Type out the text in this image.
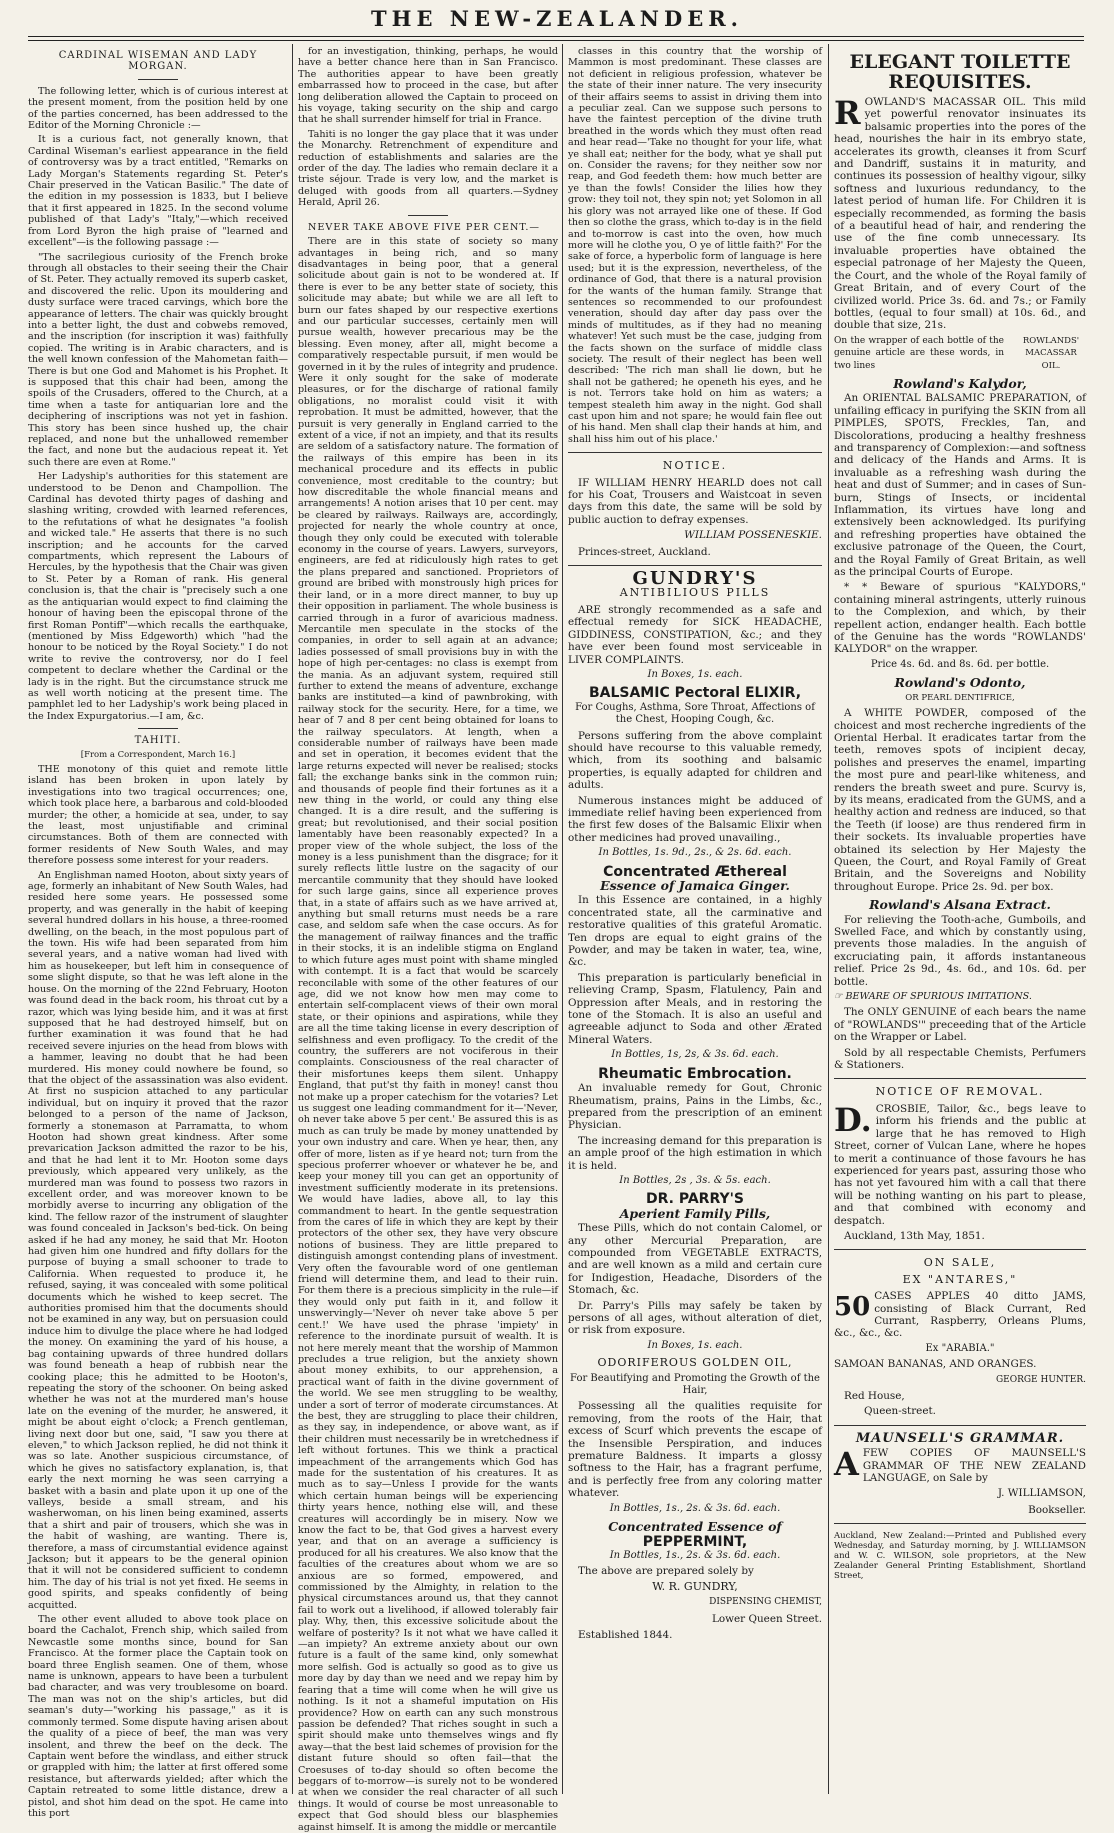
THE NEW-ZEALANDER.

CARDINAL WISEMAN AND LADY MORGAN.

The following letter, which is of curious interest at the present moment, from the position held by one of the parties concerned, has been addressed to the Editor of the Morning Chronicle :—

It is a curious fact, not generally known, that Cardinal Wiseman's earliest appearance in the field of controversy was by a tract entitled, "Remarks on Lady Morgan's Statements regarding St. Peter's Chair preserved in the Vatican Basilic." The date of the edition in my possession is 1833, but I believe that it first appeared in 1825. In the second volume published of that Lady's "Italy,"—which received from Lord Byron the high praise of "learned and excellent"—is the following passage :—

"The sacrilegious curiosity of the French broke through all obstacles to their seeing their the Chair of St. Peter. They actually removed its superb casket, and discovered the relic. Upon its mouldering and dusty surface were traced carvings, which bore the appearance of letters. The chair was quickly brought into a better light, the dust and cobwebs removed, and the inscription (for inscription it was) faithfully copied. The writing is in Arabic characters, and is the well known confession of the Mahometan faith—There is but one God and Mahomet is his Prophet. It is supposed that this chair had been, among the spoils of the Crusaders, offered to the Church, at a time when a taste for antiquarian lore and the deciphering of inscriptions was not yet in fashion. This story has been since hushed up, the chair replaced, and none but the unhallowed remember the fact, and none but the audacious repeat it. Yet such there are even at Rome."

Her Ladyship's authorities for this statement are understood to be Denon and Champollion. The Cardinal has devoted thirty pages of dashing and slashing writing, crowded with learned references, to the refutations of what he designates "a foolish and wicked tale." He asserts that there is no such inscription; and he accounts for the carved compartments, which represent the Labours of Hercules, by the hypothesis that the Chair was given to St. Peter by a Roman of rank. His general conclusion is, that the chair is "precisely such a one as the antiquarian would expect to find claiming the honour of having been the episcopal throne of the first Roman Pontiff"—which recalls the earthquake, (mentioned by Miss Edgeworth) which "had the honour to be noticed by the Royal Society." I do not write to revive the controversy, nor do I feel competent to declare whether the Cardinal or the lady is in the right. But the circumstance struck me as well worth noticing at the present time. The pamphlet led to her Ladyship's work being placed in the Index Expurgatorius.—I am, &c.

TAHITI.

[From a Correspondent, March 16.]

THE monotony of this quiet and remote little island has been broken in upon lately by investigations into two tragical occurrences; one, which took place here, a barbarous and cold-blooded murder; the other, a homicide at sea, under, to say the least, most unjustifiable and criminal circumstances. Both of them are connected with former residents of New South Wales, and may therefore possess some interest for your readers.

An Englishman named Hooton, about sixty years of age, formerly an inhabitant of New South Wales, had resided here some years. He possessed some property, and was generally in the habit of keeping several hundred dollars in his house, a three-roomed dwelling, on the beach, in the most populous part of the town. His wife had been separated from him several years, and a native woman had lived with him as housekeeper, but left him in consequence of some slight dispute, so that he was left alone in the house. On the morning of the 22nd February, Hooton was found dead in the back room, his throat cut by a razor, which was lying beside him, and it was at first supposed that he had destroyed himself, but on further examination it was found that he had received severe injuries on the head from blows with a hammer, leaving no doubt that he had been murdered. His money could nowhere be found, so that the object of the assassination was also evident. At first no suspicion attached to any particular individual, but on inquiry it proved that the razor belonged to a person of the name of Jackson, formerly a stonemason at Parramatta, to whom Hooton had shown great kindness. After some prevarication Jackson admitted the razor to be his, and that he had lent it to Mr. Hooton some days previously, which appeared very unlikely, as the murdered man was found to possess two razors in excellent order, and was moreover known to be morbidly averse to incurring any obligation of the kind. The fellow razor of the instrument of slaughter was found concealed in Jackson's bed-tick. On being asked if he had any money, he said that Mr. Hooton had given him one hundred and fifty dollars for the purpose of buying a small schooner to trade to California. When requested to produce it, he refused, saying, it was concealed with some political documents which he wished to keep secret. The authorities promised him that the documents should not be examined in any way, but on persuasion could induce him to divulge the place where he had lodged the money. On examining the yard of his house, a bag containing upwards of three hundred dollars was found beneath a heap of rubbish near the cooking place; this he admitted to be Hooton's, repeating the story of the schooner. On being asked whether he was not at the murdered man's house late on the evening of the murder, he answered, it might be about eight o'clock; a French gentleman, living next door but one, said, "I saw you there at eleven," to which Jackson replied, he did not think it was so late. Another suspicious circumstance, of which he gives no satisfactory explanation, is, that early the next morning he was seen carrying a basket with a basin and plate upon it up one of the valleys, beside a small stream, and his washerwoman, on his linen being examined, asserts that a shirt and pair of trousers, which she was in the habit of washing, are wanting. There is, therefore, a mass of circumstantial evidence against Jackson; but it appears to be the general opinion that it will not be considered sufficient to condemn him. The day of his trial is not yet fixed. He seems in good spirits, and speaks confidently of being acquitted.

The other event alluded to above took place on board the Cachalot, French ship, which sailed from Newcastle some months since, bound for San Francisco. At the former place the Captain took on board three English seamen. One of them, whose name is unknown, appears to have been a turbulent bad character, and was very troublesome on board. The man was not on the ship's articles, but did seaman's duty—"working his passage," as it is commonly termed. Some dispute having arisen about the quality of a piece of beef, the man was very insolent, and threw the beef on the deck. The Captain went before the windlass, and either struck or grappled with him; the latter at first offered some resistance, but afterwards yielded; after which the Captain retreated to some little distance, drew a pistol, and shot him dead on the spot. He came into this port

for an investigation, thinking, perhaps, he would have a better chance here than in San Francisco. The authorities appear to have been greatly embarrassed how to proceed in the case, but after long deliberation allowed the Captain to proceed on his voyage, taking security on the ship and cargo that he shall surrender himself for trial in France.

Tahiti is no longer the gay place that it was under the Monarchy. Retrenchment of expenditure and reduction of establishments and salaries are the order of the day. The ladies who remain declare it a triste séjour. Trade is very low, and the market is deluged with goods from all quarters.—Sydney Herald, April 26.

NEVER TAKE ABOVE FIVE PER CENT.—

There are in this state of society so many advantages in being rich, and so many disadvantages in being poor, that a general solicitude about gain is not to be wondered at. If there is ever to be any better state of society, this solicitude may abate; but while we are all left to burn our fates shaped by our respective exertions and our particular successes, certainly men will pursue wealth, however precarious may be the blessing. Even money, after all, might become a comparatively respectable pursuit, if men would be governed in it by the rules of integrity and prudence. Were it only sought for the sake of moderate pleasures, or for the discharge of rational family obligations, no moralist could visit it with reprobation. It must be admitted, however, that the pursuit is very generally in England carried to the extent of a vice, if not an impiety, and that its results are seldom of a satisfactory nature. The formation of the railways of this empire has been in its mechanical procedure and its effects in public convenience, most creditable to the country; but how discreditable the whole financial means and arrangements! A notion arises that 10 per cent. may be cleared by railways. Railways are, accordingly, projected for nearly the whole country at once, though they only could be executed with tolerable economy in the course of years. Lawyers, surveyors, engineers, are fed at ridiculously high rates to get the plans prepared and sanctioned. Proprietors of ground are bribed with monstrously high prices for their land, or in a more direct manner, to buy up their opposition in parliament. The whole business is carried through in a furor of avaricious madness. Mercantile men speculate in the stocks of the companies, in order to sell again at an advance; ladies possessed of small provisions buy in with the hope of high per-centages: no class is exempt from the mania. As an adjuvant system, required still further to extend the means of adventure, exchange banks are instituted—a kind of pawnbroking, with railway stock for the security. Here, for a time, we hear of 7 and 8 per cent being obtained for loans to the railway speculators. At length, when a considerable number of railways have been made and set in operation, it becomes evident that the large returns expected will never be realised; stocks fall; the exchange banks sink in the common ruin; and thousands of people find their fortunes as it a new thing in the world, or could any thing else changed. It is a dire result, and the suffering is great; but revolutionised, and their social position lamentably have been reasonably expected? In a proper view of the whole subject, the loss of the money is a less punishment than the disgrace; for it surely reflects little lustre on the sagacity of our mercantile community that they should have looked for such large gains, since all experience proves that, in a state of affairs such as we have arrived at, anything but small returns must needs be a rare case, and seldom safe when the case occurs. As for the management of railway finances and the traffic in their stocks, it is an indelible stigma on England to which future ages must point with shame mingled with contempt. It is a fact that would be scarcely reconcilable with some of the other features of our age, did we not know how men may come to entertain self-complacent views of their own moral state, or their opinions and aspirations, while they are all the time taking license in every description of selfishness and even profligacy. To the credit of the country, the sufferers are not vociferous in their complaints. Consciousness of the real character of their misfortunes keeps them silent. Unhappy England, that put'st thy faith in money! canst thou not make up a proper catechism for the votaries? Let us suggest one leading commandment for it—'Never, oh never take above 5 per cent.' Be assured this is as much as can truly be made by money unattended by your own industry and care. When ye hear, then, any offer of more, listen as if ye heard not; turn from the specious proferrer whoever or whatever he be, and keep your money till you can get an opportunity of investment sufficiently moderate in its pretensions. We would have ladies, above all, to lay this commandment to heart. In the gentle sequestration from the cares of life in which they are kept by their protectors of the other sex, they have very obscure notions of business. They are little prepared to distinguish amongst contending plans of investment. Very often the favourable word of one gentleman friend will determine them, and lead to their ruin. For them there is a precious simplicity in the rule—if they would only put faith in it, and follow it unswervingly—'Never oh never take above 5 per cent.!' We have used the phrase 'impiety' in reference to the inordinate pursuit of wealth. It is not here merely meant that the worship of Mammon precludes a true religion, but the anxiety shown about money exhibits, to our apprehension, a practical want of faith in the divine government of the world. We see men struggling to be wealthy, under a sort of terror of moderate circumstances. At the best, they are struggling to place their children, as they say, in independence, or above want, as if their children must necessarily be in wretchedness if left without fortunes. This we think a practical impeachment of the arrangements which God has made for the sustentation of his creatures. It as much as to say—Unless I provide for the wants which certain human beings will be experiencing thirty years hence, nothing else will, and these creatures will accordingly be in misery. Now we know the fact to be, that God gives a harvest every year, and that on an average a sufficiency is produced for all his creatures. We also know that the faculties of the creatures about whom we are so anxious are so formed, empowered, and commissioned by the Almighty, in relation to the physical circumstances around us, that they cannot fail to work out a livelihood, if allowed tolerably fair play. Why, then, this excessive solicitude about the welfare of posterity? Is it not what we have called it—an impiety? An extreme anxiety about our own future is a fault of the same kind, only somewhat more selfish. God is actually so good as to give us more day by day than we need and we repay him by fearing that a time will come when he will give us nothing. Is it not a shameful imputation on His providence? How on earth can any such monstrous passion be defended? That riches sought in such a spirit should make unto themselves wings and fly away—that the best laid schemes of provision for the distant future should so often fail—that the Croesuses of to-day should so often become the beggars of to-morrow—is surely not to be wondered at when we consider the real character of all such things. It would of course be most unreasonable to expect that God should bless our blasphemies against himself. It is among the middle or mercantile

classes in this country that the worship of Mammon is most predominant. These classes are not deficient in religious profession, whatever be the state of their inner nature. The very insecurity of their affairs seems to assist in driving them into a peculiar zeal. Can we suppose such persons to have the faintest perception of the divine truth breathed in the words which they must often read and hear read—'Take no thought for your life, what ye shall eat; neither for the body, what ye shall put on. Consider the ravens; for they neither sow nor reap, and God feedeth them: how much better are ye than the fowls! Consider the lilies how they grow: they toil not, they spin not; yet Solomon in all his glory was not arrayed like one of these. If God then so clothe the grass, which to-day is in the field and to-morrow is cast into the oven, how much more will he clothe you, O ye of little faith?' For the sake of force, a hyperbolic form of language is here used; but it is the expression, nevertheless, of the ordinance of God, that there is a natural provision for the wants of the human family. Strange that sentences so recommended to our profoundest veneration, should day after day pass over the minds of multitudes, as if they had no meaning whatever! Yet such must be the case, judging from the facts shown on the surface of middle class society. The result of their neglect has been well described: 'The rich man shall lie down, but he shall not be gathered; he openeth his eyes, and he is not. Terrors take hold on him as waters; a tempest stealeth him away in the night. God shall cast upon him and not spare; he would fain flee out of his hand. Men shall clap their hands at him, and shall hiss him out of his place.'

NOTICE.

IF WILLIAM HENRY HEARLD does not call for his Coat, Trousers and Waistcoat in seven days from this date, the same will be sold by public auction to defray expenses.

WILLIAM POSSENESKIE.

Princes-street, Auckland.

GUNDRY'S
ANTIBILIOUS PILLS

ARE strongly recommended as a safe and effectual remedy for SICK HEADACHE, GIDDINESS, CONSTIPATION, &c.; and they have ever been found most serviceable in LIVER COMPLAINTS.

In Boxes, 1s. each.
BALSAMIC Pectoral ELIXIR,
For Coughs, Asthma, Sore Throat, Affections of the Chest, Hooping Cough, &c.

Persons suffering from the above complaint should have recourse to this valuable remedy, which, from its soothing and balsamic properties, is equally adapted for children and adults.

Numerous instances might be adduced of immediate relief having been experienced from the first few doses of the Balsamic Elixir when other medicines had proved unavailing.,

In Bottles, 1s. 9d., 2s., & 2s. 6d. each.
Concentrated Æthereal
Essence of Jamaica Ginger.

In this Essence are contained, in a highly concentrated state, all the carminative and restorative qualities of this grateful Aromatic. Ten drops are equal to eight grains of the Powder, and may be taken in water, tea, wine, &c.

This preparation is particularly beneficial in relieving Cramp, Spasm, Flatulency, Pain and Oppression after Meals, and in restoring the tone of the Stomach. It is also an useful and agreeable adjunct to Soda and other Ærated Mineral Waters.

In Bottles, 1s, 2s, & 3s. 6d. each.
Rheumatic Embrocation.

An invaluable remedy for Gout, Chronic Rheumatism, prains, Pains in the Limbs, &c., prepared from the prescription of an eminent Physician.

The increasing demand for this preparation is an ample proof of the high estimation in which it is held.

In Bottles, 2s , 3s. & 5s. each.
DR. PARRY'S
Aperient Family Pills,

These Pills, which do not contain Calomel, or any other Mercurial Preparation, are compounded from VEGETABLE EXTRACTS, and are well known as a mild and certain cure for Indigestion, Headache, Disorders of the Stomach, &c.

Dr. Parry's Pills may safely be taken by persons of all ages, without alteration of diet, or risk from exposure.

In Boxes, 1s. each.
ODORIFEROUS GOLDEN OIL,
For Beautifying and Promoting the Growth of the Hair,

Possessing all the qualities requisite for removing, from the roots of the Hair, that excess of Scurf which prevents the escape of the Insensible Perspiration, and induces premature Baldness. It imparts a glossy softness to the Hair, has a fragrant perfume, and is perfectly free from any coloring matter whatever.

In Bottles, 1s., 2s. & 3s. 6d. each.
Concentrated Essence of
PEPPERMINT,
In Bottles, 1s., 2s. & 3s. 6d. each.

The above are prepared solely by

W. R. GUNDRY,

DISPENSING CHEMIST,

Lower Queen Street.

Established 1844.

ELEGANT TOILETTE REQUISITES.

ROWLAND'S MACASSAR OIL. This mild yet powerful renovator insinuates its balsamic properties into the pores of the head, nourishes the hair in its embryo state, accelerates its growth, cleanses it from Scurf and Dandriff, sustains it in maturity, and continues its possession of healthy vigour, silky softness and luxurious redundancy, to the latest period of human life. For Children it is especially recommended, as forming the basis of a beautiful head of hair, and rendering the use of the fine comb unnecessary. Its invaluable properties have obtained the especial patronage of her Majesty the Queen, the Court, and the whole of the Royal family of Great Britain, and of every Court of the civilized world. Price 3s. 6d. and 7s.; or Family bottles, (equal to four small) at 10s. 6d., and double that size, 21s.

On the wrapper of each bottle of the genuine article are these words, in two lines
ROWLANDS'
MACASSAR OIL.
Rowland's Kalydor,

An ORIENTAL BALSAMIC PREPARATION, of unfailing efficacy in purifying the SKIN from all PIMPLES, SPOTS, Freckles, Tan, and Discolorations, producing a healthy freshness and transparency of Complexion:—and softness and delicacy of the Hands and Arms. It is invaluable as a refreshing wash during the heat and dust of Summer; and in cases of Sun-burn, Stings of Insects, or incidental Inflammation, its virtues have long and extensively been acknowledged. Its purifying and refreshing properties have obtained the exclusive patronage of the Queen, the Court, and the Royal Family of Great Britain, as well as the principal Courts of Europe.

* * Beware of spurious "KALYDORS," containing mineral astringents, utterly ruinous to the Complexion, and which, by their repellent action, endanger health. Each bottle of the Genuine has the words "ROWLANDS' KALYDOR" on the wrapper.

Price 4s. 6d. and 8s. 6d. per bottle.
Rowland's Odonto,
OR PEARL DENTIFRICE,

A WHITE POWDER, composed of the choicest and most recherche ingredients of the Oriental Herbal. It eradicates tartar from the teeth, removes spots of incipient decay, polishes and preserves the enamel, imparting the most pure and pearl-like whiteness, and renders the breath sweet and pure. Scurvy is, by its means, eradicated from the GUMS, and a healthy action and redness are induced, so that the Teeth (if loose) are thus rendered firm in their sockets. Its invaluable properties have obtained its selection by Her Majesty the Queen, the Court, and Royal Family of Great Britain, and the Sovereigns and Nobility throughout Europe. Price 2s. 9d. per box.

Rowland's Alsana Extract.

For relieving the Tooth-ache, Gumboils, and Swelled Face, and which by constantly using, prevents those maladies. In the anguish of excruciating pain, it affords instantaneous relief. Price 2s 9d., 4s. 6d., and 10s. 6d. per bottle.

☞ BEWARE OF SPURIOUS IMITATIONS.

The ONLY GENUINE of each bears the name of "ROWLANDS'" preceeding that of the Article on the Wrapper or Label.

Sold by all respectable Chemists, Perfumers & Stationers.

NOTICE OF REMOVAL.

D. CROSBIE, Tailor, &c., begs leave to inform his friends and the public at large that he has removed to High Street, corner of Vulcan Lane, where he hopes to merit a continuance of those favours he has experienced for years past, assuring those who has not yet favoured him with a call that there will be nothing wanting on his part to please, and that combined with economy and despatch.

Auckland, 13th May, 1851.

ON SALE,
EX "ANTARES,"

50 CASES APPLES 40 ditto JAMS, consisting of Black Currant, Red Currant, Raspberry, Orleans Plums, &c., &c., &c.

Ex "ARABIA."

SAMOAN BANANAS, AND ORANGES.

GEORGE HUNTER.

Red House,

Queen-street.

MAUNSELL'S GRAMMAR.

AFEW COPIES OF MAUNSELL'S GRAMMAR OF THE NEW ZEALAND LANGUAGE, on Sale by

J. WILLIAMSON,

Bookseller.

Auckland, New Zealand:—Printed and Published every Wednesday, and Saturday morning, by J. WILLIAMSON and W. C. WILSON, sole proprietors, at the New Zealander General Printing Establishment, Shortland Street,
